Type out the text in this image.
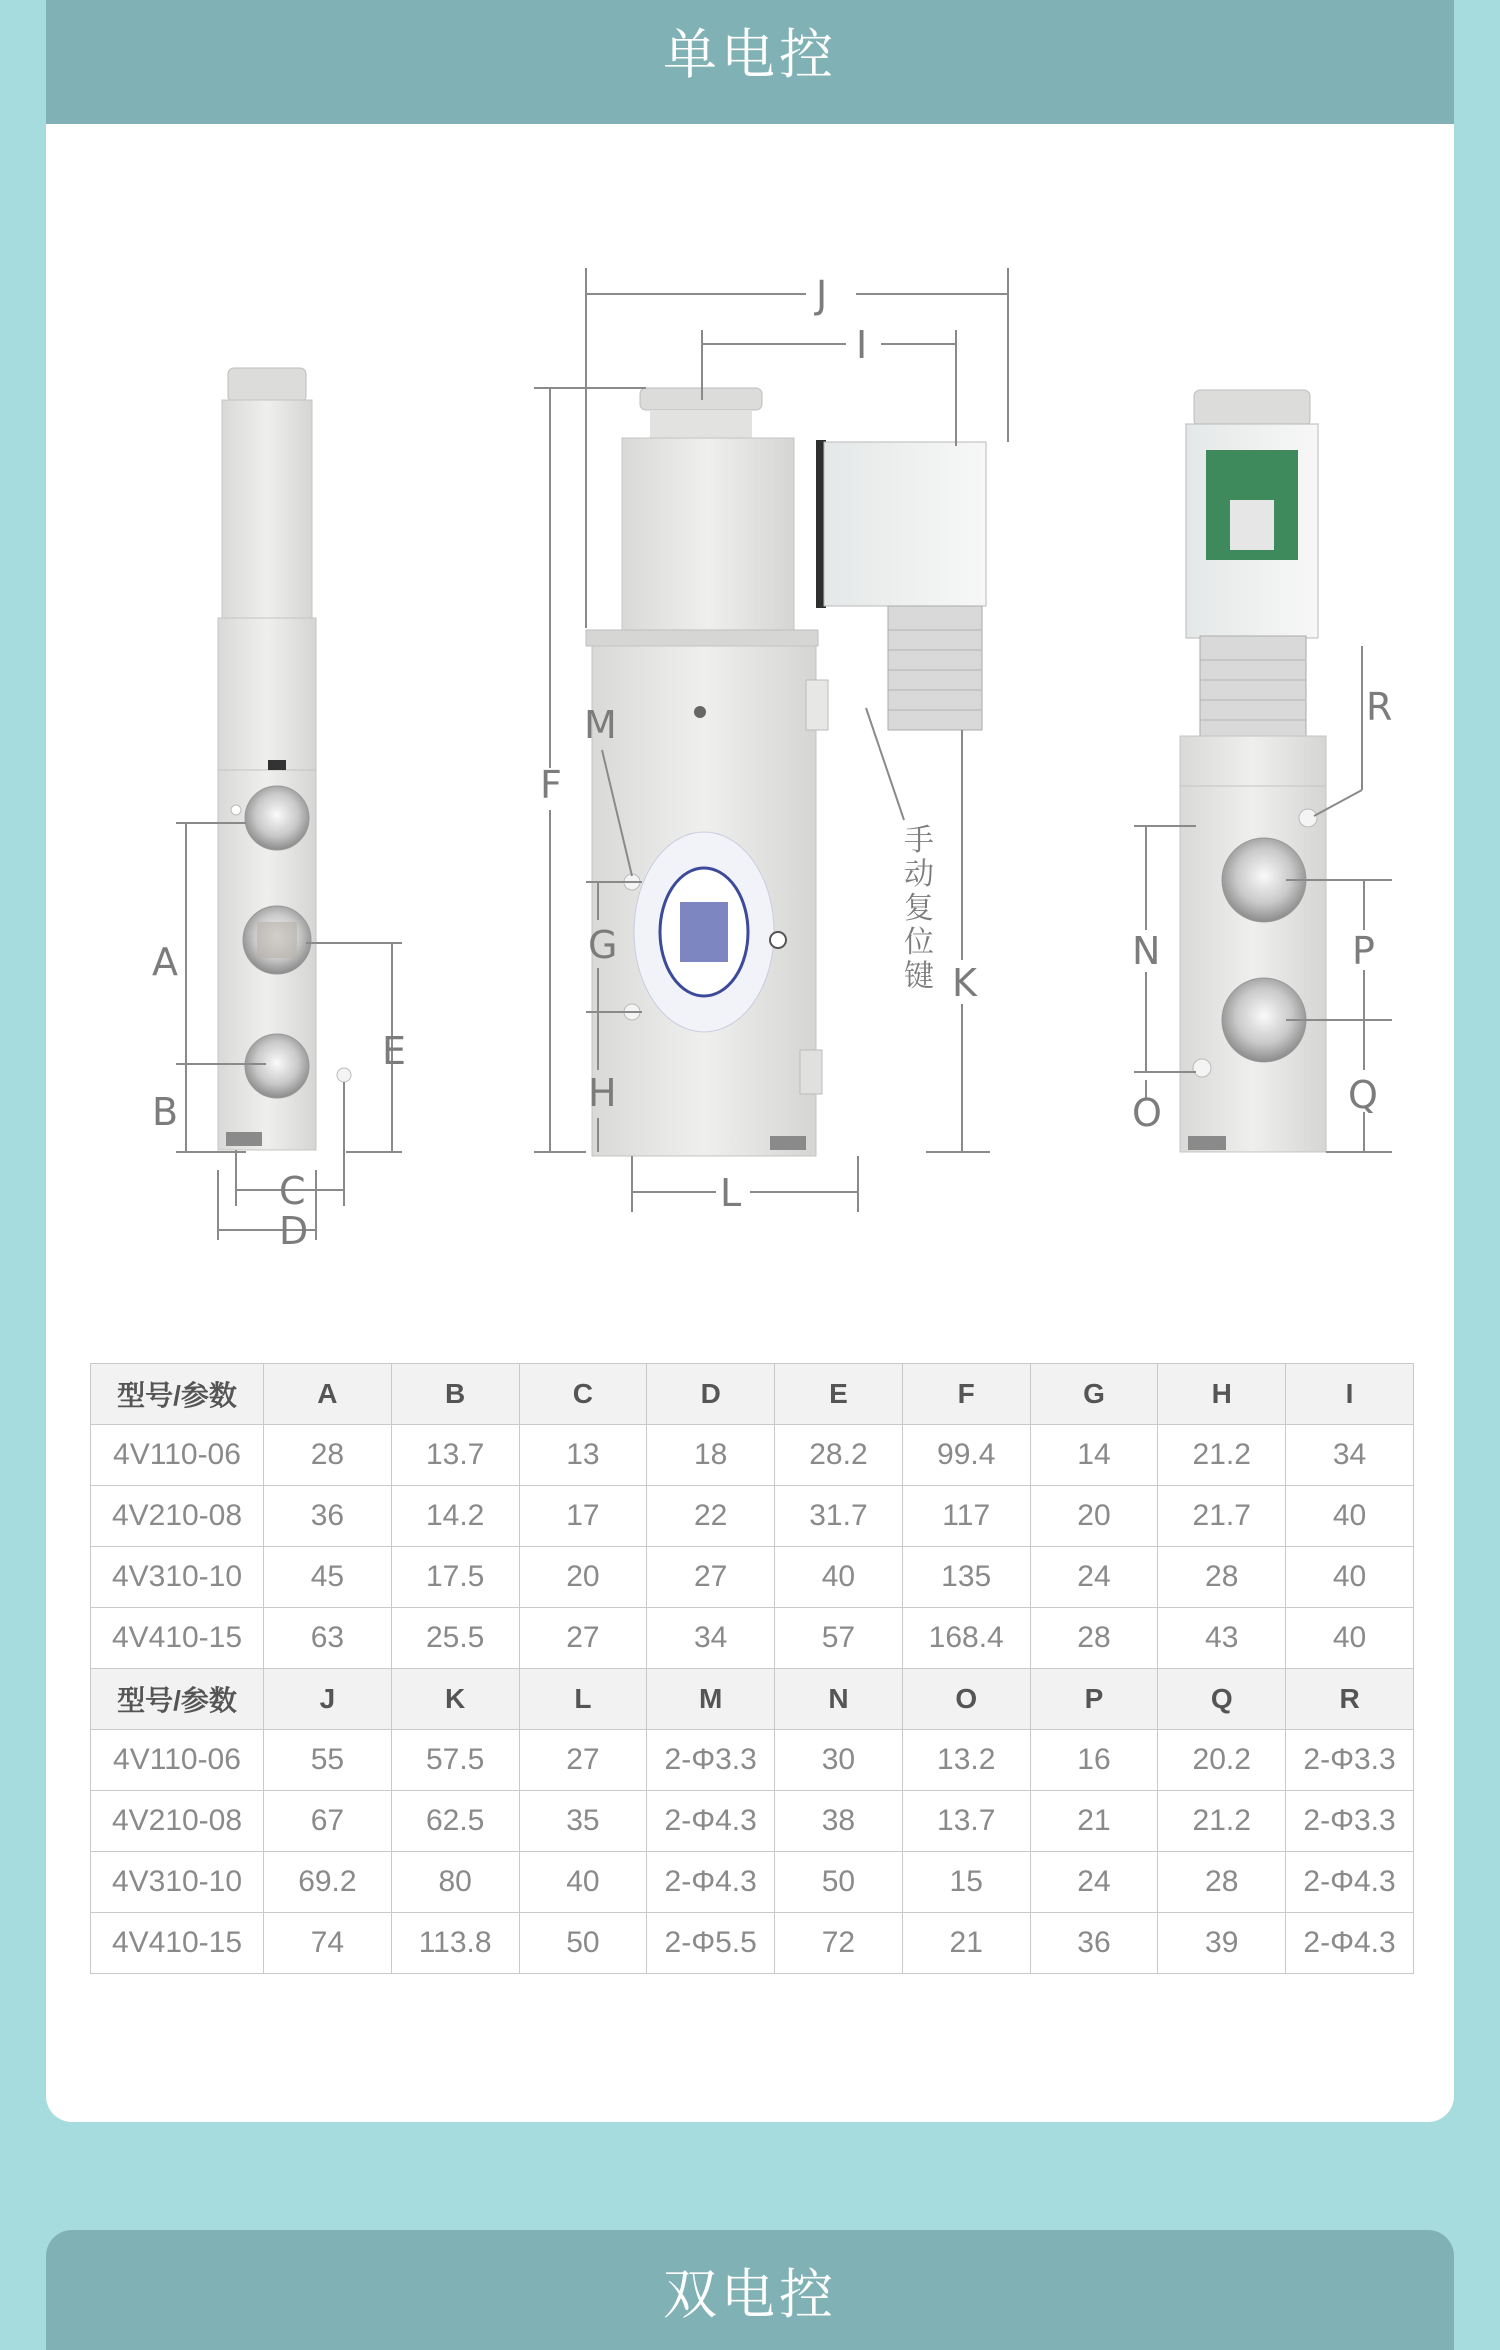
单电控
A
B
E
C
D
J
I
F
M
G
H
L
K
手
动
复
位
键
R
N
O
P
Q
型号/参数	A	B	C	D	E	F	G	H	I
4V110-06	28	13.7	13	18	28.2	99.4	14	21.2	34
4V210-08	36	14.2	17	22	31.7	117	20	21.7	40
4V310-10	45	17.5	20	27	40	135	24	28	40
4V410-15	63	25.5	27	34	57	168.4	28	43	40
型号/参数	J	K	L	M	N	O	P	Q	R
4V110-06	55	57.5	27	2-Φ3.3	30	13.2	16	20.2	2-Φ3.3
4V210-08	67	62.5	35	2-Φ4.3	38	13.7	21	21.2	2-Φ3.3
4V310-10	69.2	80	40	2-Φ4.3	50	15	24	28	2-Φ4.3
4V410-15	74	113.8	50	2-Φ5.5	72	21	36	39	2-Φ4.3
双电控
